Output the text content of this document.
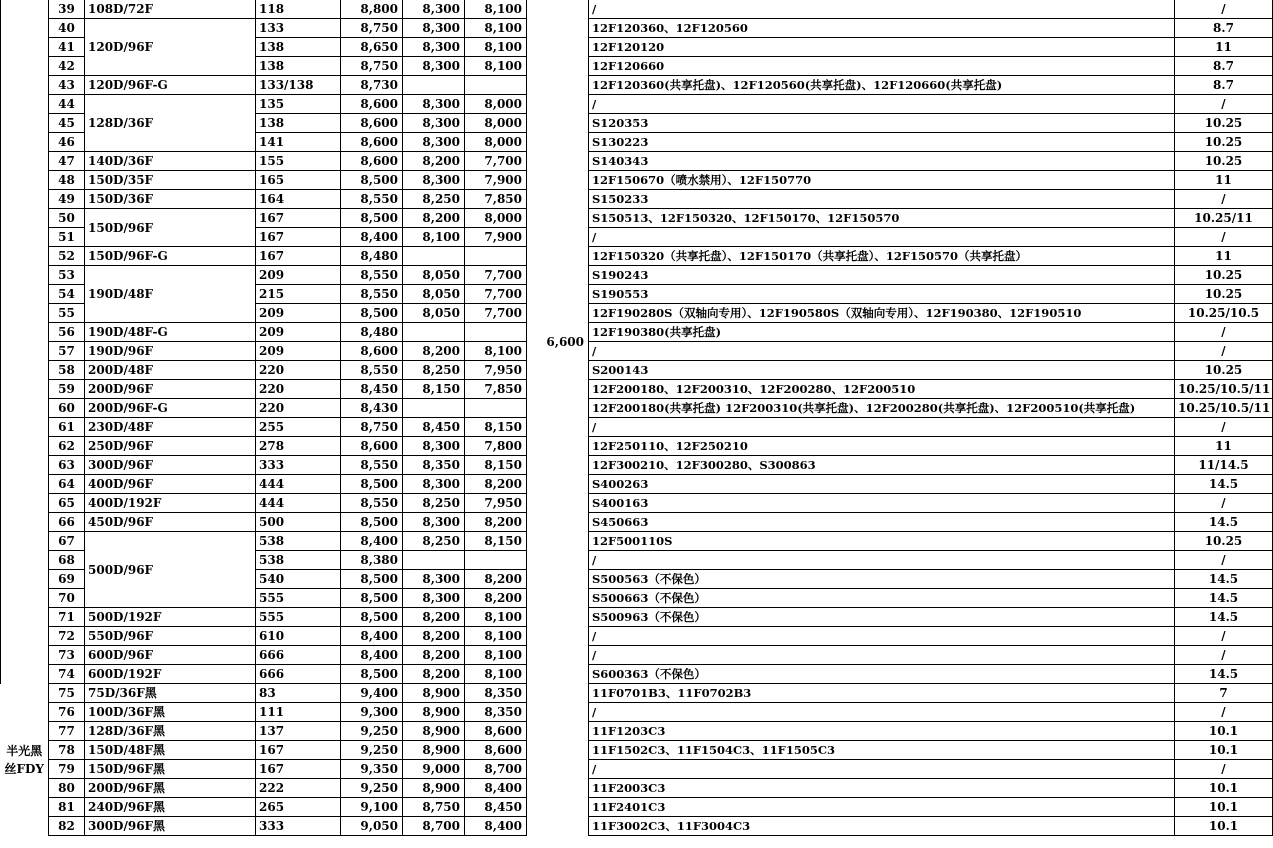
	39	108D/72F	118	8,800	8,300	8,100	6,600	/	/
	40	120D/96F	133	8,750	8,300	8,100		12F120360、12F120560	8.7
	41		138	8,650	8,300	8,100		12F120120	11
	42		138	8,750	8,300	8,100		12F120660	8.7
	43	120D/96F-G	133/138	8,730				12F120360(共享托盘)、12F120560(共享托盘)、12F120660(共享托盘)	8.7
	44	128D/36F	135	8,600	8,300	8,000		/	/
	45		138	8,600	8,300	8,000		S120353	10.25
	46		141	8,600	8,300	8,000		S130223	10.25
	47	140D/36F	155	8,600	8,200	7,700		S140343	10.25
	48	150D/35F	165	8,500	8,300	7,900		12F150670（喷水禁用）、12F150770	11
	49	150D/36F	164	8,550	8,250	7,850		S150233	/
	50	150D/96F	167	8,500	8,200	8,000		S150513、12F150320、12F150170、12F150570	10.25/11
	51		167	8,400	8,100	7,900		/	/
	52	150D/96F-G	167	8,480				12F150320（共享托盘）、12F150170（共享托盘）、12F150570（共享托盘）	11
	53	190D/48F	209	8,550	8,050	7,700		S190243	10.25
	54		215	8,550	8,050	7,700		S190553	10.25
	55		209	8,500	8,050	7,700		12F190280S（双轴向专用）、12F190580S（双轴向专用）、12F190380、12F190510	10.25/10.5
	56	190D/48F-G	209	8,480				12F190380(共享托盘)	/
	57	190D/96F	209	8,600	8,200	8,100		/	/
	58	200D/48F	220	8,550	8,250	7,950		S200143	10.25
	59	200D/96F	220	8,450	8,150	7,850		12F200180、12F200310、12F200280、12F200510	10.25/10.5/11
	60	200D/96F-G	220	8,430				12F200180(共享托盘) 12F200310(共享托盘)、12F200280(共享托盘)、12F200510(共享托盘)	10.25/10.5/11
	61	230D/48F	255	8,750	8,450	8,150		/	/
	62	250D/96F	278	8,600	8,300	7,800		12F250110、12F250210	11
	63	300D/96F	333	8,550	8,350	8,150		12F300210、12F300280、S300863	11/14.5
	64	400D/96F	444	8,500	8,300	8,200		S400263	14.5
	65	400D/192F	444	8,550	8,250	7,950		S400163	/
	66	450D/96F	500	8,500	8,300	8,200		S450663	14.5
	67	500D/96F	538	8,400	8,250	8,150		12F500110S	10.25
	68		538	8,380				/	/
	69		540	8,500	8,300	8,200		S500563（不保色）	14.5
	70		555	8,500	8,300	8,200		S500663（不保色）	14.5
	71	500D/192F	555	8,500	8,200	8,100		S500963（不保色）	14.5
	72	550D/96F	610	8,400	8,200	8,100		/	/
	73	600D/96F	666	8,400	8,200	8,100		/	/
	74	600D/192F	666	8,500	8,200	8,100		S600363（不保色）	14.5
半光黑丝FDY	75	75D/36F黑	83	9,400	8,900	8,350		11F0701B3、11F0702B3	7
	76	100D/36F黑	111	9,300	8,900	8,350		/	/
	77	128D/36F黑	137	9,250	8,900	8,600		11F1203C3	10.1
	78	150D/48F黑	167	9,250	8,900	8,600		11F1502C3、11F1504C3、11F1505C3	10.1
	79	150D/96F黑	167	9,350	9,000	8,700		/	/
	80	200D/96F黑	222	9,250	8,900	8,400		11F2003C3	10.1
	81	240D/96F黑	265	9,100	8,750	8,450		11F2401C3	10.1
	82	300D/96F黑	333	9,050	8,700	8,400		11F3002C3、11F3004C3	10.1
